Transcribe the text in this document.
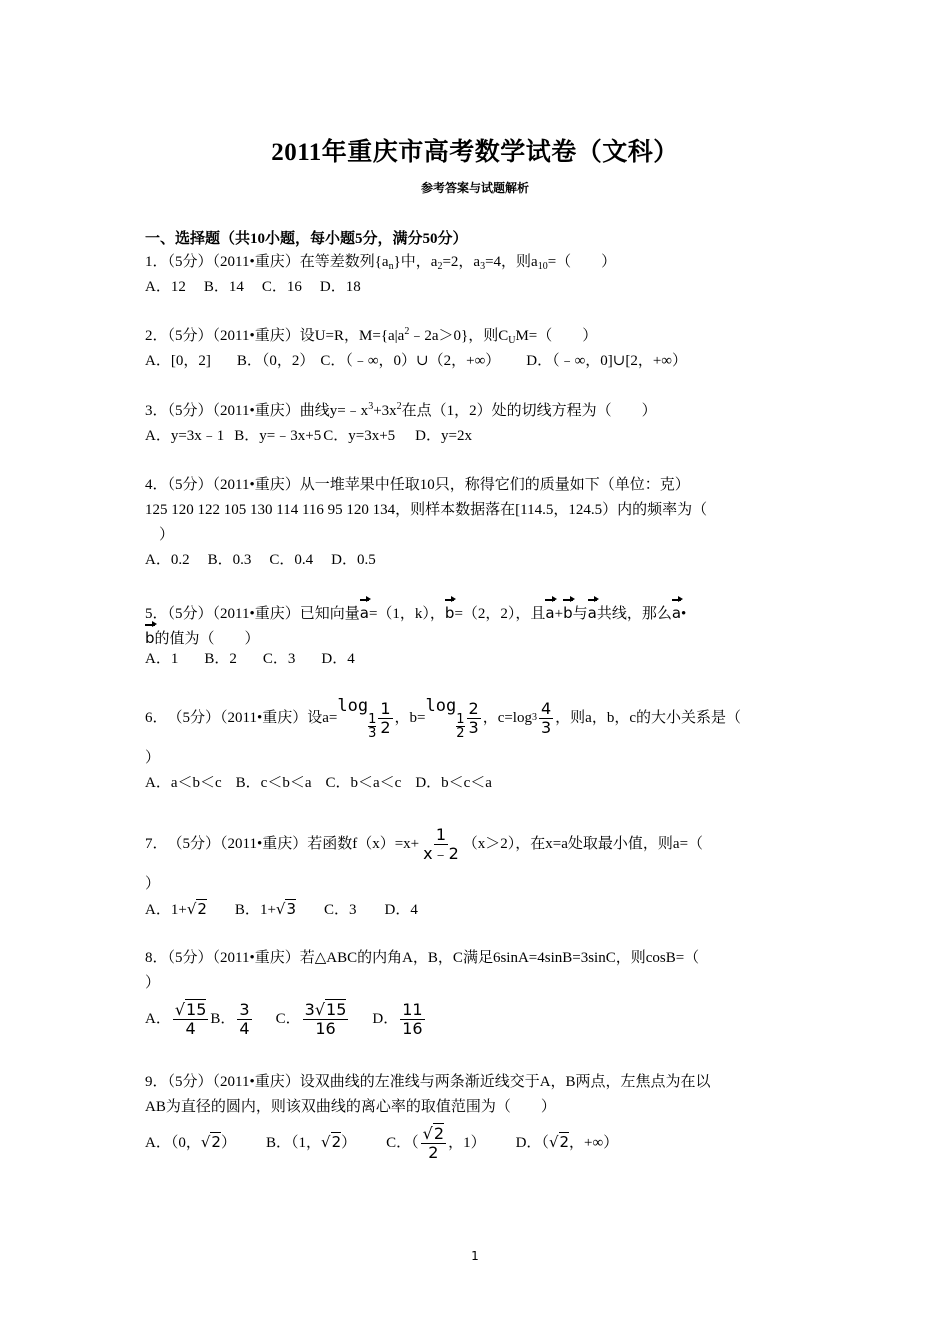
2011年重庆市高考数学试卷（文科）
参考答案与试题解析
一、选择题（共10小题，每小题5分，满分50分）
1．（5分）（2011•重庆）在等差数列$\{a_n\}$中，$a_2=2$，$a_3=4$，则$a_{10}=$（　　）
A．12 B．14 C．16 D．18
2．（5分）（2011•重庆）设U=R，$M=\{a|a^2﹣2a>0\}$，则$C_UM=$（　　）
A．[0，2] B．（0，2） C．（﹣∞，0）∪（2，+∞） D．（﹣∞，0]∪[2，+∞）
3．（5分）（2011•重庆）曲线$y=﹣x^3+3x^2$在点（1，2）处的切线方程为（　　）
A．y=3x﹣1 B．y=﹣3x+5 C．y=3x+5 D．y=2x
4．（5分）（2011•重庆）从一堆苹果中任取10只，称得它们的质量如下（单位：克）
125 120 122 105 130 114 116 95 120 134，则样本数据落在[114.5，124.5）内的频率为（
）
A．0.2 B．0.3 C．0.4 D．0.5
5．（5分）（2011•重庆）已知向量a=（1，k），b=（2，2），且a+b与a共线，那么a•
b的值为（　　）
A．1 B．2 C．3 D．4
6． （5分）（2011•重庆） 设a=
log
$\frac{1}{3} \frac{1}{2}$ ，b=
log
$\frac{1}{2} \frac{2}{3}$ ，c=log $3 \frac{4}{3}$ ，则a，b，c的大小关系是（
）
A．a＜b＜c B．c＜b＜a C．b＜a＜c D．b＜c＜a
7． （5分）（2011•重庆） 若函数$f(x)=x+ \frac{1}{x﹣2} (x>2)$，在x=a处取最小值，则a=（
）
A．1+√2 B．1+√3 C．3 D．4
8．（5分）（2011•重庆）若△ABC的内角A，B，C满足6sinA=4sinB=3sinC，则cosB=（
）
A． $\frac{√15}{4}$ B． $\frac{3}{4}$ C． $\frac{3√15}{16}$ D． $\frac{11}{16}$
9．（5分）（2011•重庆）设双曲线的左准线与两条渐近线交于A，B两点，左焦点为在以
AB为直径的圆内，则该双曲线的离心率的取值范围为（　　）
A．（0，√2） B．（1，√2） C．（ $\frac{√2}{2}$ ，1） D．（√2，+∞）
1
